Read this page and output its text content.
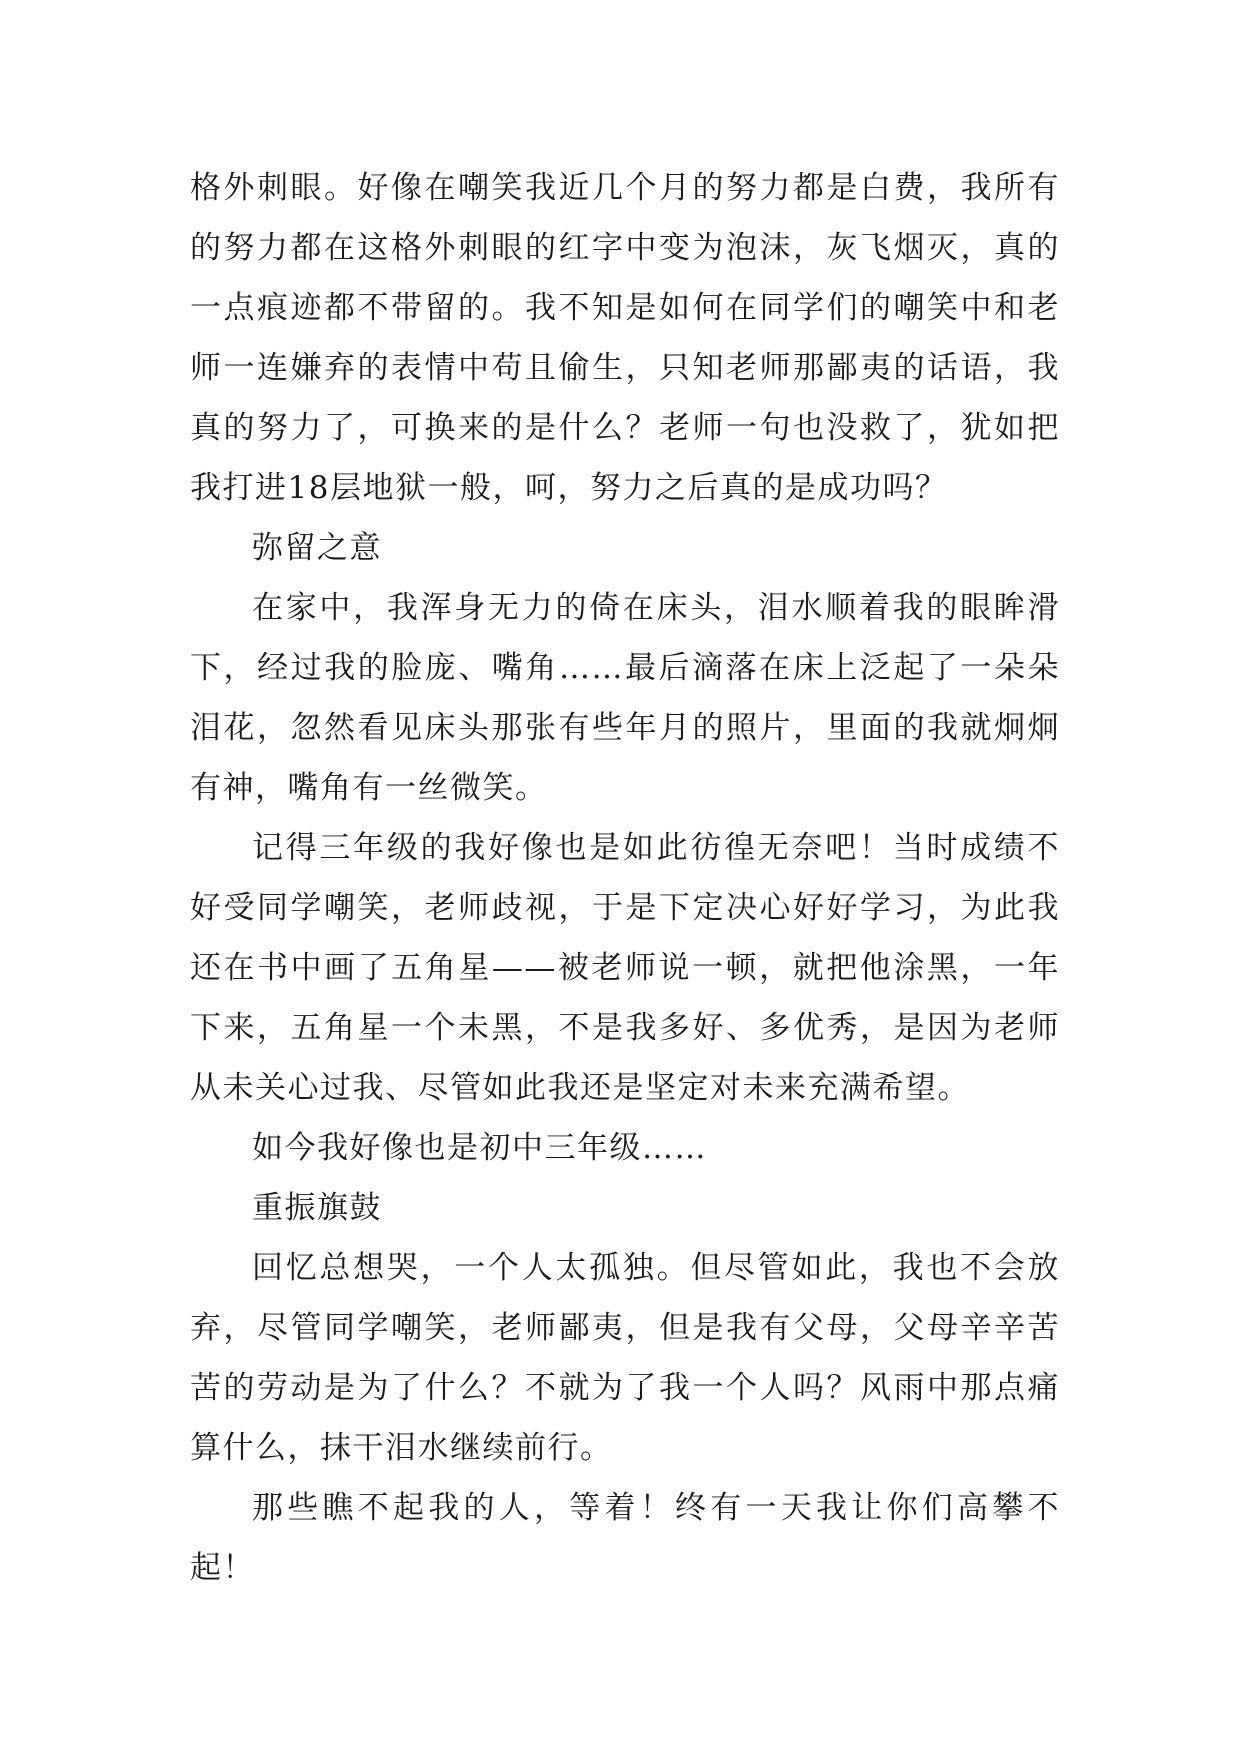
格外刺眼。好像在嘲笑我近几个月的努力都是白费，我所有的努力都在这格外刺眼的红字中变为泡沫，灰飞烟灭，真的一点痕迹都不带留的。我不知是如何在同学们的嘲笑中和老师一连嫌弃的表情中苟且偷生，只知老师那鄙夷的话语，我真的努力了，可换来的是什么？老师一句也没救了，犹如把我打进18层地狱一般，呵，努力之后真的是成功吗？

弥留之意

在家中，我浑身无力的倚在床头，泪水顺着我的眼眸滑下，经过我的脸庞、嘴角……最后滴落在床上泛起了一朵朵泪花，忽然看见床头那张有些年月的照片，里面的我就炯炯有神，嘴角有一丝微笑。

记得三年级的我好像也是如此彷徨无奈吧！当时成绩不好受同学嘲笑，老师歧视，于是下定决心好好学习，为此我还在书中画了五角星——被老师说一顿，就把他涂黑，一年下来，五角星一个未黑，不是我多好、多优秀，是因为老师从未关心过我、尽管如此我还是坚定对未来充满希望。

如今我好像也是初中三年级……

重振旗鼓

回忆总想哭，一个人太孤独。但尽管如此，我也不会放弃，尽管同学嘲笑，老师鄙夷，但是我有父母，父母辛辛苦苦的劳动是为了什么？不就为了我一个人吗？风雨中那点痛算什么，抹干泪水继续前行。

那些瞧不起我的人，等着！终有一天我让你们高攀不起！
